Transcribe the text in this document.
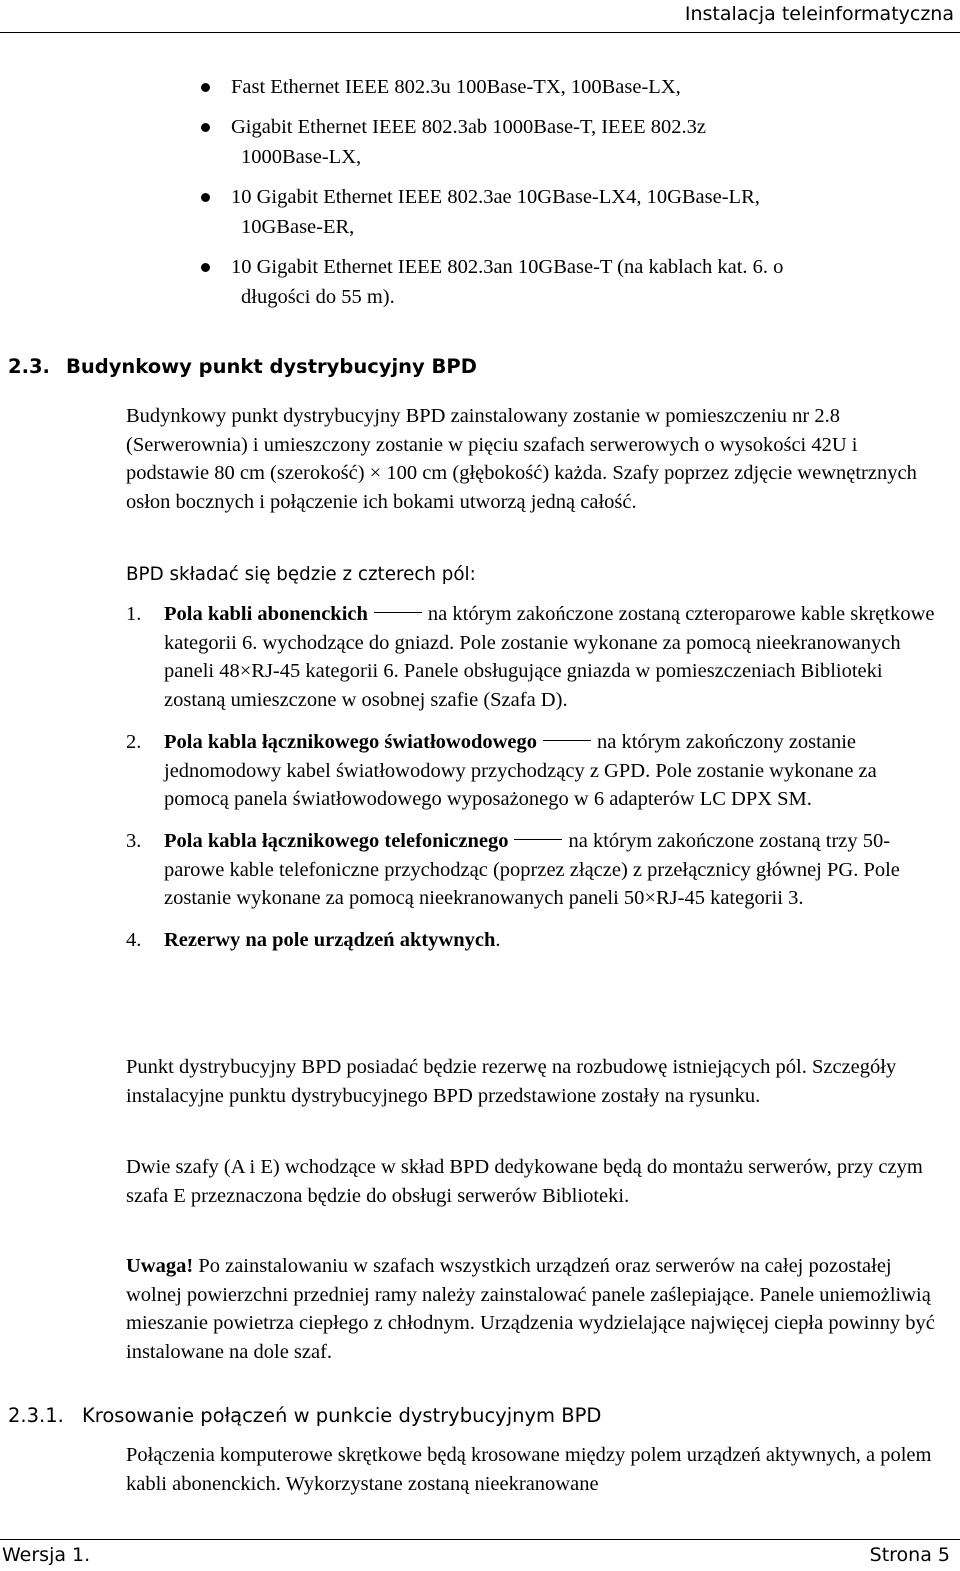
Instalacja teleinformatyczna
Fast Ethernet IEEE 802.3u 100Base-TX, 100Base-LX,
Gigabit Ethernet IEEE 802.3ab 1000Base-T, IEEE 802.3z
1000Base-LX,
10 Gigabit Ethernet IEEE 802.3ae 10GBase-LX4, 10GBase-LR,
10GBase-ER,
10 Gigabit Ethernet IEEE 802.3an 10GBase-T (na kablach kat. 6. o
długości do 55 m).
2.3. Budynkowy punkt dystrybucyjny BPD

Budynkowy punkt dystrybucyjny BPD zainstalowany zostanie w pomieszczeniu nr 2.8 (Serwerownia) i umieszczony zostanie w pięciu szafach serwerowych o wysokości 42U i podstawie 80 cm (szerokość) × 100 cm (głębokość) każda. Szafy poprzez zdjęcie wewnętrznych osłon bocznych i połączenie ich bokami utworzą jedną całość.

BPD składać się będzie z czterech pól:

1. Pola kabli abonenckich	na którym zakończone zostaną czteroparowe kable skrętkowe kategorii 6. wychodzące do gniazd. Pole zostanie wykonane za pomocą nieekranowanych paneli 48×RJ-45 kategorii 6. Panele obsługujące gniazda w pomieszczeniach Biblioteki zostaną umieszczone w osobnej szafie (Szafa D).
2. Pola kabla łącznikowego światłowodowego	na którym zakończony zostanie jednomodowy kabel światłowodowy przychodzący z GPD. Pole zostanie wykonane za pomocą panela światłowodowego wyposażonego w 6 adapterów LC DPX SM.
3. Pola kabla łącznikowego telefonicznego	na którym zakończone zostaną trzy 50-parowe kable telefoniczne przychodząc (poprzez złącze) z przełącznicy głównej PG. Pole zostanie wykonane za pomocą nieekranowanych paneli 50×RJ-45 kategorii 3.
4. Rezerwy na pole urządzeń aktywnych.

Punkt dystrybucyjny BPD posiadać będzie rezerwę na rozbudowę istniejących pól. Szczegóły instalacyjne punktu dystrybucyjnego BPD przedstawione zostały na rysunku.

Dwie szafy (A i E) wchodzące w skład BPD dedykowane będą do montażu serwerów, przy czym szafa E przeznaczona będzie do obsługi serwerów Biblioteki.

Uwaga! Po zainstalowaniu w szafach wszystkich urządzeń oraz serwerów na całej pozostałej wolnej powierzchni przedniej ramy należy zainstalować panele zaślepiające. Panele uniemożliwią mieszanie powietrza ciepłego z chłodnym. Urządzenia wydzielające najwięcej ciepła powinny być instalowane na dole szaf.

2.3.1. Krosowanie połączeń w punkcie dystrybucyjnym BPD

Połączenia komputerowe skrętkowe będą krosowane między polem urządzeń aktywnych, a polem kabli abonenckich. Wykorzystane zostaną nieekranowane

Wersja 1.	Strona 5
